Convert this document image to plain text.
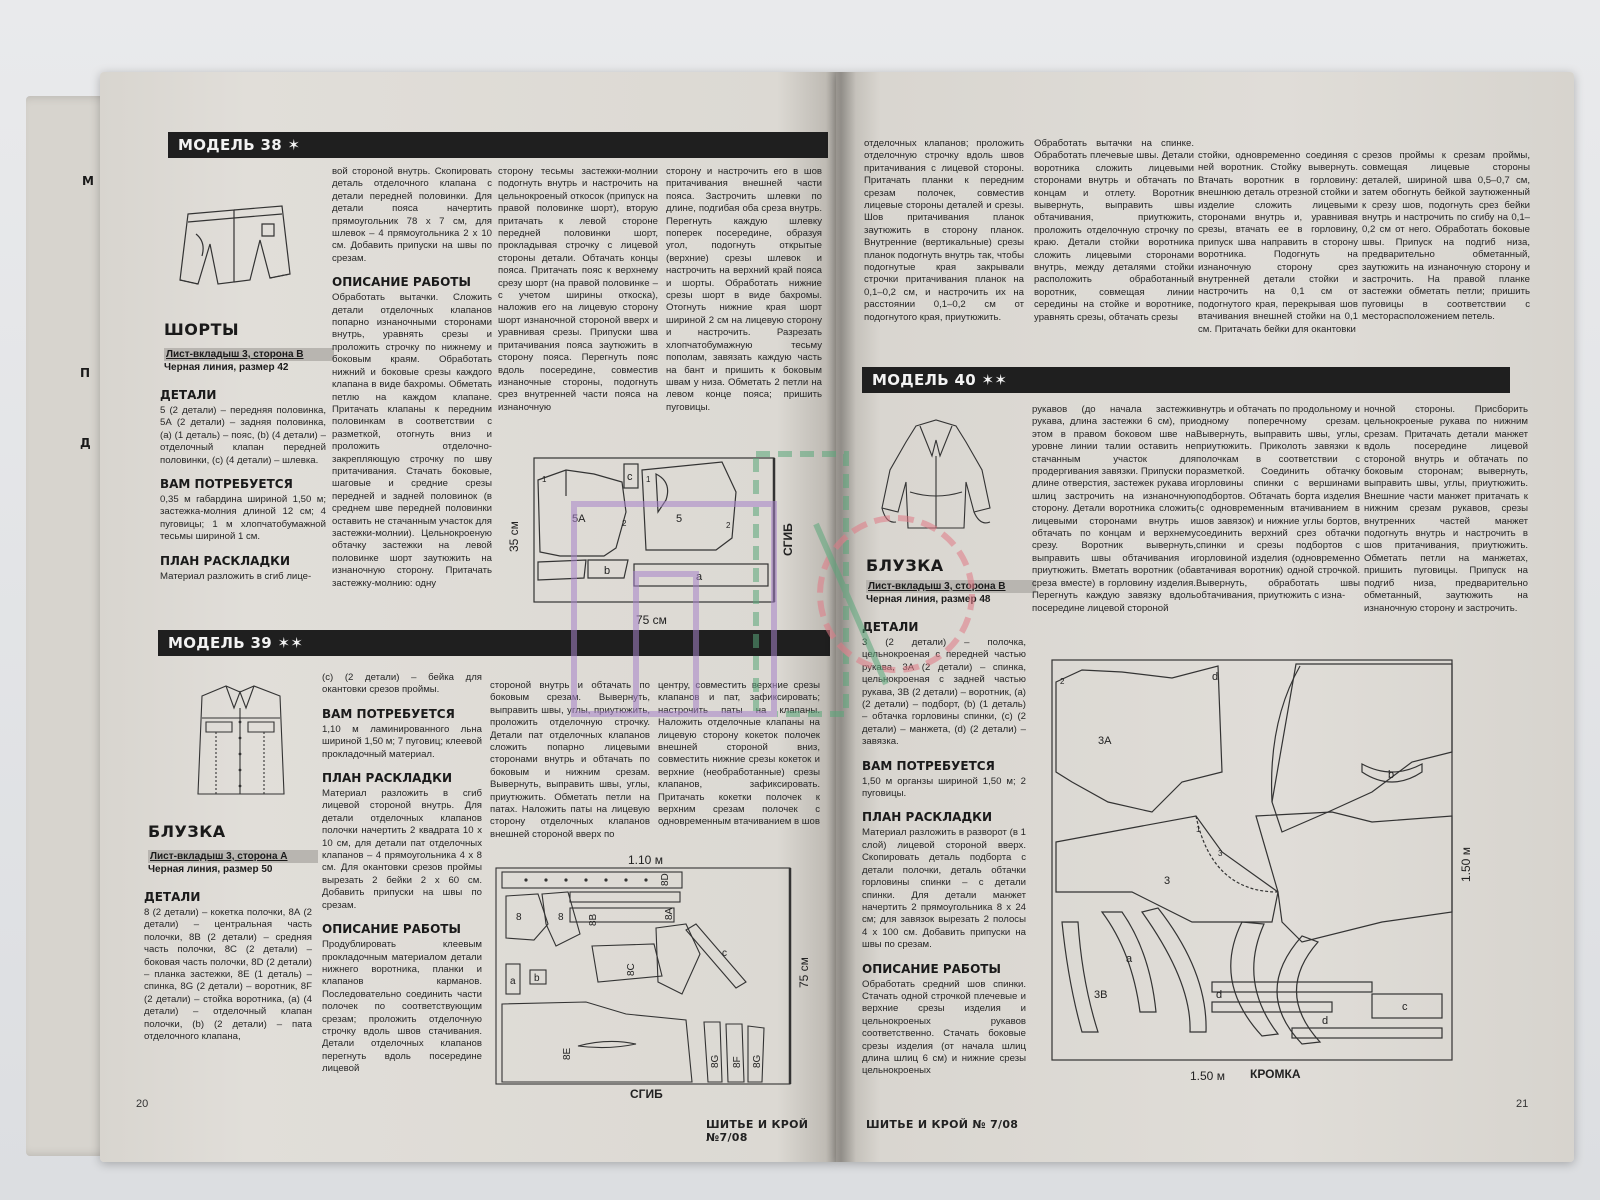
М
П
Д
МОДЕЛЬ 38 ✶
ШОРТЫ
Лист-вкладыш 3, сторона В
Черная линия, размер 42
ДЕТАЛИ

5 (2 детали) – передняя половинка, 5А (2 детали) – задняя половинка, (а) (1 деталь) – пояс, (b) (4 детали) – отделочный клапан передней половинки, (c) (4 детали) – шлевка.

ВАМ ПОТРЕБУЕТСЯ

0,35 м габардина шириной 1,50 м; застежка-молния длиной 12 см; 4 пуговицы; 1 м хлопчатобумажной тесьмы шириной 1 см.

ПЛАН РАСКЛАДКИ

Материал разложить в сгиб лице-

вой стороной внутрь. Скопировать деталь отделочного клапана с детали передней половинки. Для детали пояса начертить прямоугольник 78 х 7 см, для шлевок – 4 прямоугольника 2 х 10 см. Добавить припуски на швы по срезам.

ОПИСАНИЕ РАБОТЫ

Обработать вытачки. Сложить детали отделочных клапанов попарно изнаночными сторонами внутрь, уравнять срезы и проложить строчку по нижнему и боковым краям. Обработать нижний и боковые срезы каждого клапана в виде бахромы. Обметать петлю на каждом клапане. Притачать клапаны к передним половинкам в соответствии с разметкой, отогнуть вниз и проложить отделочно-закрепляющую строчку по шву притачивания. Стачать боковые, шаговые и средние срезы передней и задней половинок (в среднем шве передней половинки оставить не стачанным участок для застежки-молнии). Цельнокроеную обтачку застежки на левой половинке шорт заутюжить на изнаночную сторону. Притачать застежку-молнию: одну

сторону тесьмы застежки-молнии подогнуть внутрь и настрочить на цельнокроеный откосок (припуск на правой половинке шорт), вторую притачать к левой стороне передней половинки шорт, прокладывая строчку с лицевой стороны детали. Обтачать концы пояса. Притачать пояс к верхнему срезу шорт (на правой половинке – с учетом ширины откоска), наложив его на лицевую сторону шорт изнаночной стороной вверх и уравнивая срезы. Припуски шва притачивания пояса заутюжить в сторону пояса. Перегнуть пояс вдоль посередине, совместив изнаночные стороны, подогнуть срез внутренней части пояса на изнаночную

сторону и настрочить его в шов притачивания внешней части пояса. Застрочить шлевки по длине, подгибая оба среза внутрь. Перегнуть каждую шлевку поперек посередине, образуя угол, подогнуть открытые (верхние) срезы шлевок и настрочить на верхний край пояса и шорты. Обработать нижние срезы шорт в виде бахромы. Отогнуть нижние края шорт шириной 2 см на лицевую сторону и настрочить. Разрезать хлопчатобумажную тесьму пополам, завязать каждую часть на бант и пришить к боковым швам у низа. Обметать 2 петли на левом конце пояса; пришить пуговицы.

5А	5
c
b	a
1	1
2	2
75 см
35 см	СГИБ
МОДЕЛЬ 39 ✶✶
БЛУЗКА
Лист-вкладыш 3, сторона А
Черная линия, размер 50
ДЕТАЛИ

8 (2 детали) – кокетка полочки, 8А (2 детали) – центральная часть полочки, 8В (2 детали) – средняя часть полочки, 8С (2 детали) – боковая часть полочки, 8D (2 детали) – планка застежки, 8Е (1 деталь) – спинка, 8G (2 детали) – воротник, 8F (2 детали) – стойка воротника, (а) (4 детали) – отделочный клапан полочки, (b) (2 детали) – пата отделочного клапана,

(c) (2 детали) – бейка для окантовки срезов проймы.

ВАМ ПОТРЕБУЕТСЯ

1,10 м ламинированного льна шириной 1,50 м; 7 пуговиц; клеевой прокладочный материал.

ПЛАН РАСКЛАДКИ

Материал разложить в сгиб лицевой стороной внутрь. Для детали отделочных клапанов полочки начертить 2 квадрата 10 х 10 см, для детали пат отделочных клапанов – 4 прямоугольника 4 х 8 см. Для окантовки срезов проймы вырезать 2 бейки 2 х 60 см. Добавить припуски на швы по срезам.

ОПИСАНИЕ РАБОТЫ

Продублировать клеевым прокладочным материалом детали нижнего воротника, планки и клапанов карманов. Последовательно соединить части полочек по соответствующим срезам; проложить отделочную строчку вдоль швов стачивания. Детали отделочных клапанов перегнуть вдоль посередине лицевой

стороной внутрь и обтачать по боковым срезам. Вывернуть, выправить швы, углы, приутюжить, проложить отделочную строчку. Детали пат отделочных клапанов сложить попарно лицевыми сторонами внутрь и обтачать по боковым и нижним срезам. Вывернуть, выправить швы, углы, приутюжить. Обметать петли на патах. Наложить паты на лицевую сторону отделочных клапанов внешней стороной вверх по

центру, совместить верхние срезы клапанов и пат, зафиксировать; настрочить паты на клапаны. Наложить отделочные клапаны на лицевую сторону кокеток полочек внешней стороной вниз, совместить нижние срезы кокеток и верхние (необработанные) срезы клапанов, зафиксировать. Притачать кокетки полочек к верхним срезам полочек с одновременным втачиванием в шов

8
8D
8A
8 8B
8C
a b
c
8E
8G 8F 8G
1.10 м
75 см
СГИБ
20
ШИТЬЕ И КРОЙ №7/08

отделочных клапанов; проложить отделочную строчку вдоль швов притачивания с лицевой стороны. Притачать планки к передним срезам полочек, совместив лицевые стороны деталей и срезы. Шов притачивания планок заутюжить в сторону планок. Внутренние (вертикальные) срезы планок подогнуть внутрь так, чтобы подогнутые края закрывали строчки притачивания планок на 0,1–0,2 см, и настрочить их на расстоянии 0,1–0,2 см от подогнутого края, приутюжить.

Обработать вытачки на спинке. Обработать плечевые швы. Детали воротника сложить лицевыми сторонами внутрь и обтачать по концам и отлету. Воротник вывернуть, выправить швы обтачивания, приутюжить, проложить отделочную строчку по краю. Детали стойки воротника сложить лицевыми сторонами внутрь, между деталями стойки расположить обработанный воротник, совмещая линии середины на стойке и воротнике, уравнять срезы, обтачать срезы

стойки, одновременно соединяя с ней воротник. Стойку вывернуть. Втачать воротник в горловину: внешнюю деталь отрезной стойки и изделие сложить лицевыми сторонами внутрь и, уравнивая срезы, втачать ее в горловину, припуск шва направить в сторону воротника. Подогнуть на изнаночную сторону срез внутренней детали стойки и настрочить на 0,1 см от подогнутого края, перекрывая шов втачивания внешней стойки на 0,1 см. Притачать бейки для окантовки

срезов проймы к срезам проймы, совмещая лицевые стороны деталей, шириной шва 0,5–0,7 см, затем обогнуть бейкой заутюженный к срезу шов, подогнуть срез бейки внутрь и настрочить по сгибу на 0,1–0,2 см от него. Обработать боковые швы. Припуск на подгиб низа, предварительно обметанный, заутюжить на изнаночную сторону и застрочить. На правой планке застежки обметать петли; пришить пуговицы в соответствии с месторасположением петель.

МОДЕЛЬ 40 ✶✶
БЛУЗКА
Лист-вкладыш 3, сторона В
Черная линия, размер 48
ДЕТАЛИ

3 (2 детали) – полочка, цельнокроеная с передней частью рукава, 3А (2 детали) – спинка, цельнокроеная с задней частью рукава, 3В (2 детали) – воротник, (а) (2 детали) – подборт, (b) (1 деталь) – обтачка горловины спинки, (c) (2 детали) – манжета, (d) (2 детали) – завязка.

ВАМ ПОТРЕБУЕТСЯ

1,50 м органзы шириной 1,50 м; 2 пуговицы.

ПЛАН РАСКЛАДКИ

Материал разложить в разворот (в 1 слой) лицевой стороной вверх. Скопировать деталь подборта с детали полочки, деталь обтачки горловины спинки – с детали спинки. Для детали манжет начертить 2 прямоугольника 8 х 24 см; для завязок вырезать 2 полосы 4 х 100 см. Добавить припуски на швы по срезам.

ОПИСАНИЕ РАБОТЫ

Обработать средний шов спинки. Стачать одной строчкой плечевые и верхние срезы изделия и цельнокроеных рукавов соответственно. Стачать боковые срезы изделия (от начала шлиц длина шлиц 6 см) и нижние срезы цельнокроеных

рукавов (до начала застежки рукава, длина застежки 6 см), при этом в правом боковом шве на уровне линии талии оставить не стачанным участок для продергивания завязки. Припуски по длине отверстия, застежек рукава и шлиц застрочить на изнаночную сторону. Детали воротника сложить лицевыми сторонами внутрь и обтачать по концам и верхнему срезу. Воротник вывернуть, выправить швы обтачивания и приутюжить. Вметать воротник (оба среза вместе) в горловину изделия. Перегнуть каждую завязку вдоль посередине лицевой стороной

внутрь и обтачать по продольному и одному поперечному срезам. Вывернуть, выправить швы, углы, приутюжить. Приколоть завязки к полочкам в соответствии с разметкой. Соединить обтачку горловины спинки с вершинами подбортов. Обтачать борта изделия (с одновременным втачиванием в шов завязок) и нижние углы бортов, соединить верхний срез обтачки спинки и срезы подбортов с горловиной изделия (одновременно втачивая воротник) одной строчкой. Вывернуть, обработать швы обтачивания, приутюжить с изна-

ночной стороны. Присборить цельнокроеные рукава по нижним срезам. Притачать детали манжет вдоль посередине лицевой стороной внутрь и обтачать по боковым сторонам; вывернуть, выправить швы, углы, приутюжить. Внешние части манжет притачать к нижним срезам рукавов, срезы внутренних частей манжет подогнуть внутрь и настрочить в шов притачивания, приутюжить. Обметать петли на манжетах, пришить пуговицы. Припуск на подгиб низа, предварительно обметанный, заутюжить на изнаночную сторону и застрочить.

3A
d
2
b
3
1
3
a
3B	d
c
d
1.50 м КРОМКА
1.50 м
ШИТЬЕ И КРОЙ № 7/08
21
